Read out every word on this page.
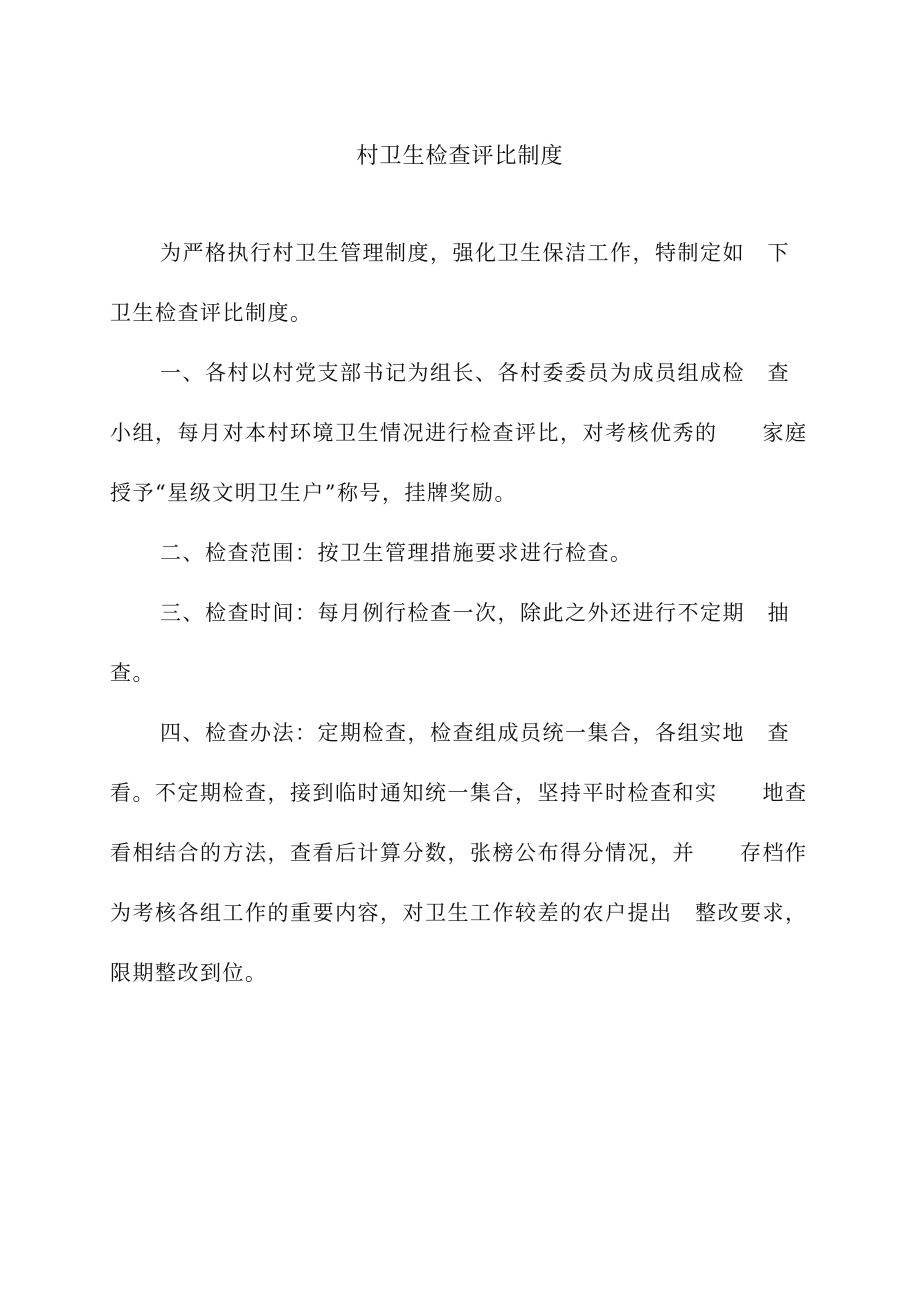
村卫生检查评比制度
为严格执行村卫生管理制度，强化卫生保洁工作，特制定如　下
卫生检查评比制度。
一、各村以村党支部书记为组长、各村委委员为成员组成检　查
小组，每月对本村环境卫生情况进行检查评比，对考核优秀的　　家庭
授予“星级文明卫生户”称号，挂牌奖励。
二、检查范围：按卫生管理措施要求进行检查。
三、检查时间：每月例行检查一次，除此之外还进行不定期　抽
查。
四、检查办法：定期检查，检查组成员统一集合，各组实地　查
看。不定期检查，接到临时通知统一集合，坚持平时检查和实　　地查
看相结合的方法，查看后计算分数，张榜公布得分情况，并　　存档作
为考核各组工作的重要内容，对卫生工作较差的农户提出　整改要求，
限期整改到位。
